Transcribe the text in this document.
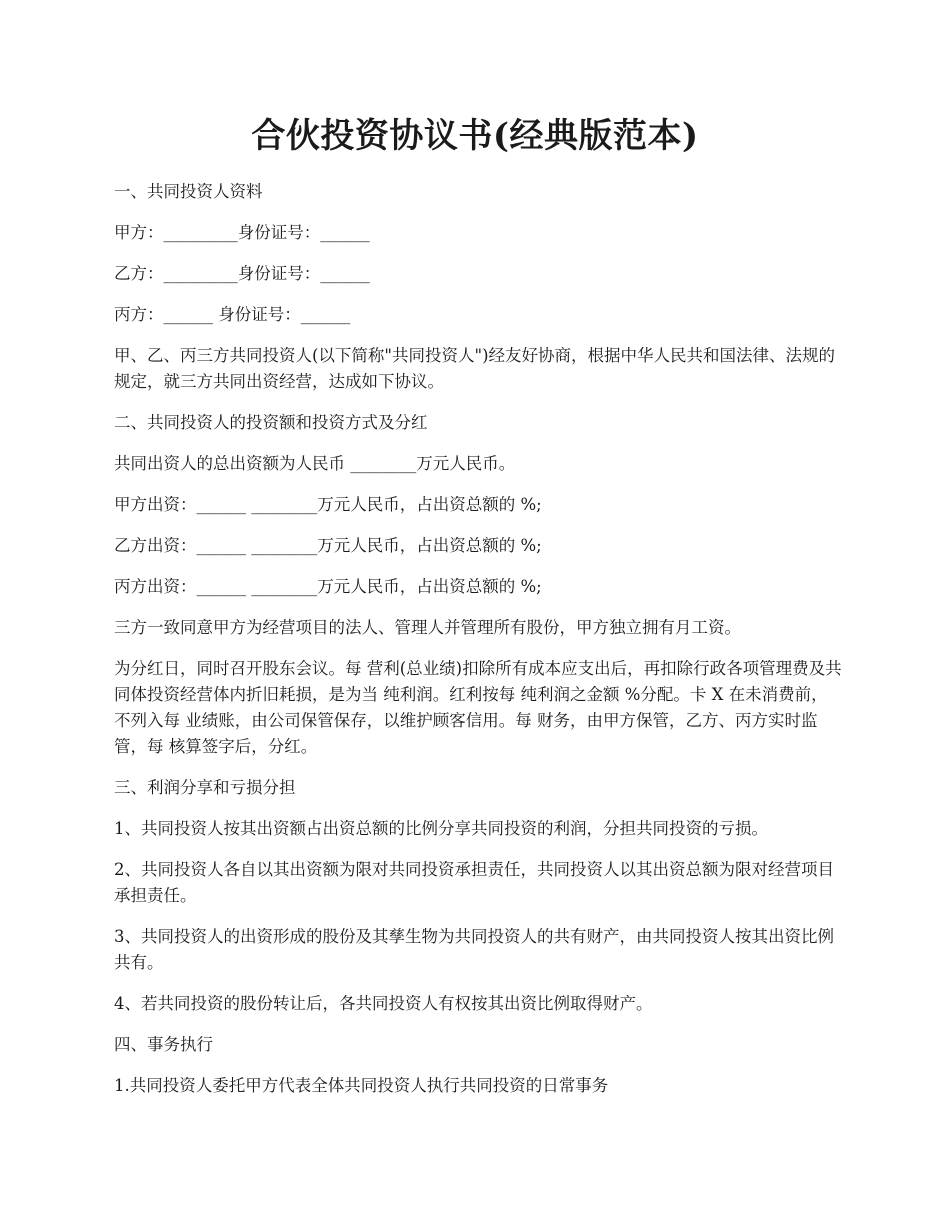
合伙投资协议书(经典版范本)

一、共同投资人资料

甲方：_________身份证号：______

乙方：_________身份证号：______

丙方：______ 身份证号：______

甲、乙、丙三方共同投资人(以下简称"共同投资人")经友好协商，根据中华人民共和国法律、法规的规定，就三方共同出资经营，达成如下协议。

二、共同投资人的投资额和投资方式及分红

共同出资人的总出资额为人民币 ________万元人民币。

甲方出资：______ ________万元人民币，占出资总额的 %;

乙方出资：______ ________万元人民币，占出资总额的 %;

丙方出资：______ ________万元人民币，占出资总额的 %;

三方一致同意甲方为经营项目的法人、管理人并管理所有股份，甲方独立拥有月工资。

为分红日，同时召开股东会议。每 营利(总业绩)扣除所有成本应支出后，再扣除行政各项管理费及共同体投资经营体内折旧耗损，是为当 纯利润。红利按每 纯利润之金额 %分配。卡 X 在未消费前，不列入每 业绩账，由公司保管保存，以维护顾客信用。每 财务，由甲方保管，乙方、丙方实时监管，每 核算签字后，分红。

三、利润分享和亏损分担

1、共同投资人按其出资额占出资总额的比例分享共同投资的利润，分担共同投资的亏损。

2、共同投资人各自以其出资额为限对共同投资承担责任，共同投资人以其出资总额为限对经营项目承担责任。

3、共同投资人的出资形成的股份及其孳生物为共同投资人的共有财产，由共同投资人按其出资比例共有。

4、若共同投资的股份转让后，各共同投资人有权按其出资比例取得财产。

四、事务执行

1.共同投资人委托甲方代表全体共同投资人执行共同投资的日常事务
